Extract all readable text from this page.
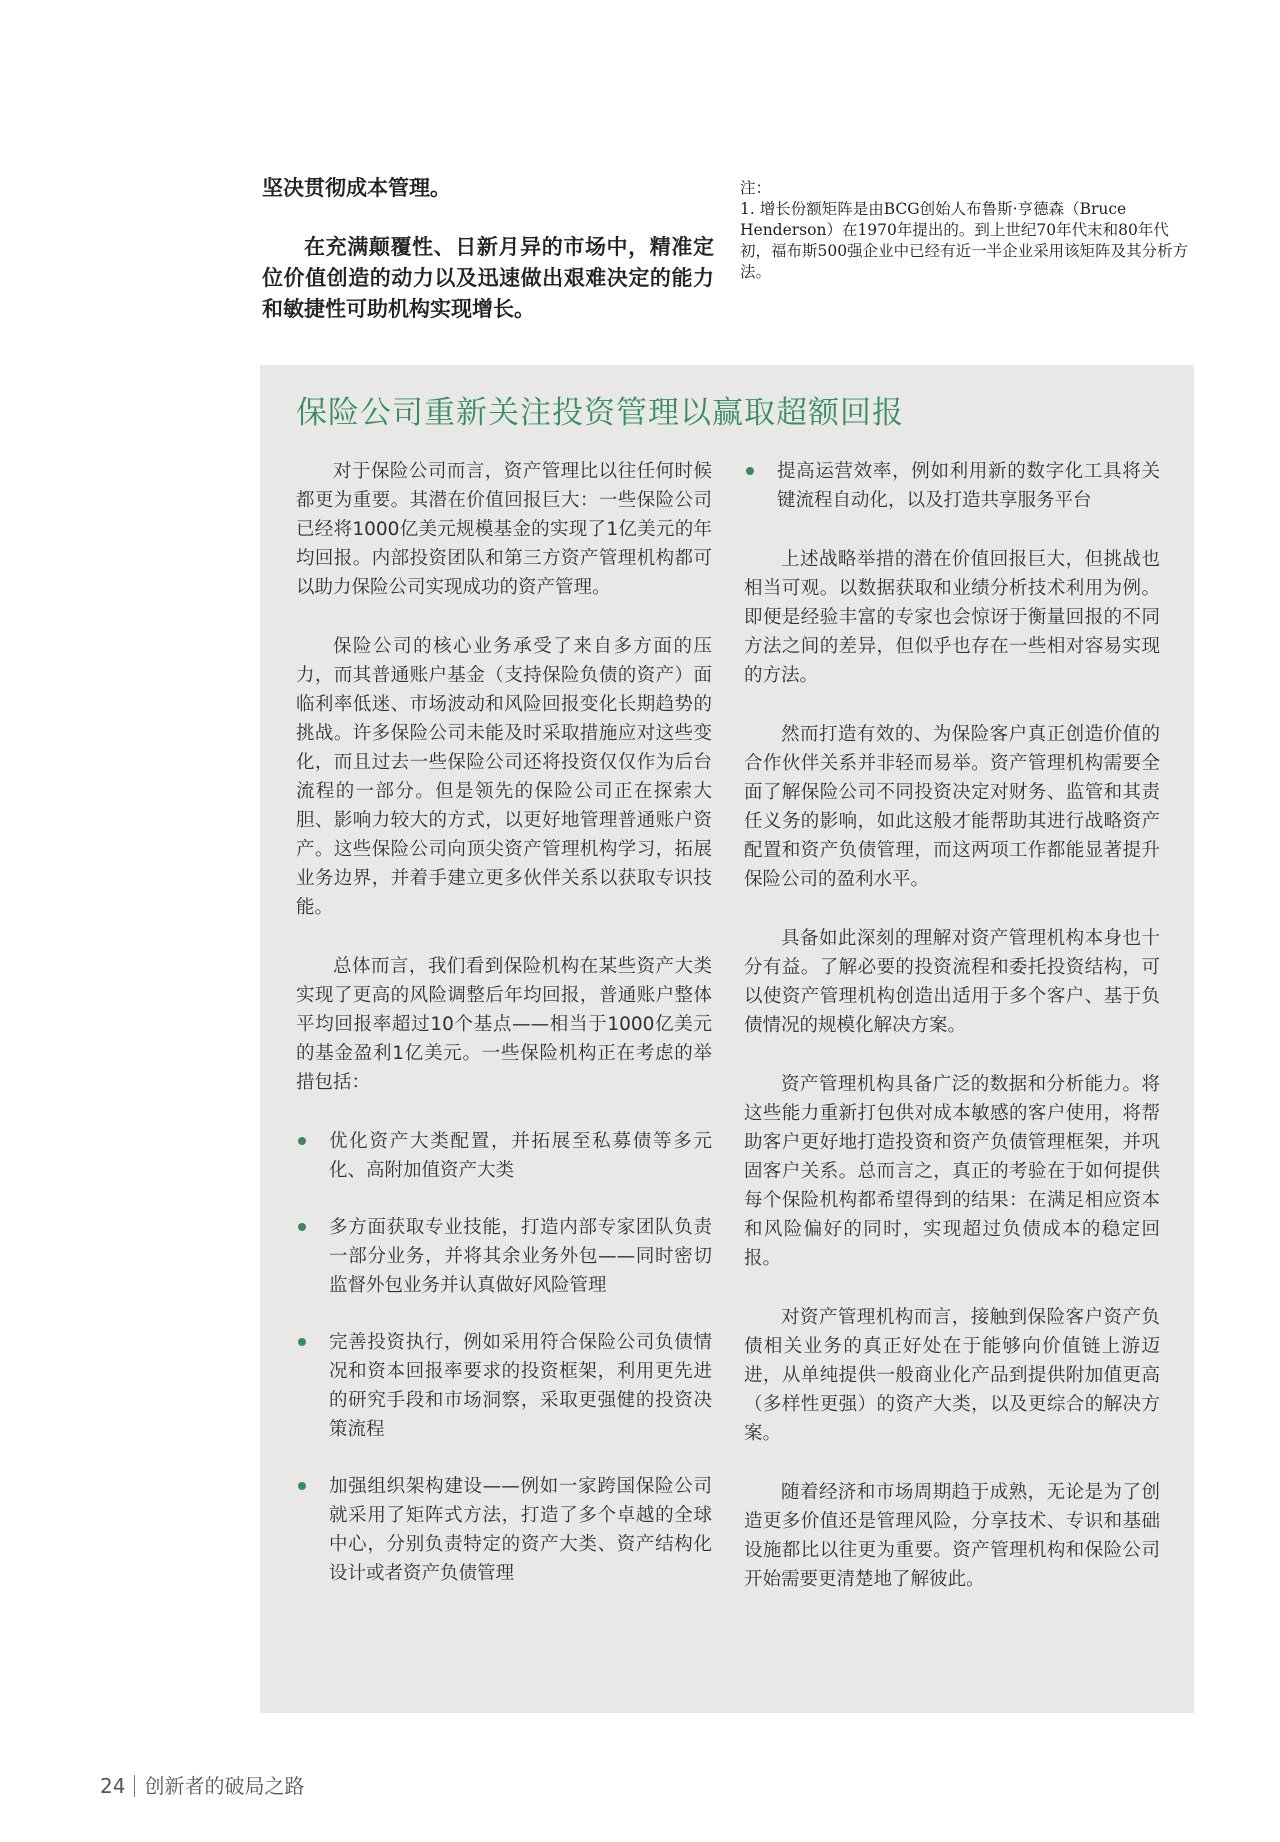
坚决贯彻成本管理。

在充满颠覆性、日新月异的市场中，精准定位价值创造的动力以及迅速做出艰难决定的能力和敏捷性可助机构实现增长。

注：

1. 增长份额矩阵是由BCG创始人布鲁斯·亨德森（Bruce Henderson）在1970年提出的。到上世纪70年代末和80年代初，福布斯500强企业中已经有近一半企业采用该矩阵及其分析方法。

保险公司重新关注投资管理以赢取超额回报

对于保险公司而言，资产管理比以往任何时候都更为重要。其潜在价值回报巨大：一些保险公司已经将1000亿美元规模基金的实现了1亿美元的年均回报。内部投资团队和第三方资产管理机构都可以助力保险公司实现成功的资产管理。

保险公司的核心业务承受了来自多方面的压力，而其普通账户基金（支持保险负债的资产）面临利率低迷、市场波动和风险回报变化长期趋势的挑战。许多保险公司未能及时采取措施应对这些变化，而且过去一些保险公司还将投资仅仅作为后台流程的一部分。但是领先的保险公司正在探索大胆、影响力较大的方式，以更好地管理普通账户资产。这些保险公司向顶尖资产管理机构学习，拓展业务边界，并着手建立更多伙伴关系以获取专识技能。

总体而言，我们看到保险机构在某些资产大类实现了更高的风险调整后年均回报，普通账户整体平均回报率超过10个基点——相当于1000亿美元的基金盈利1亿美元。一些保险机构正在考虑的举措包括：

优化资产大类配置，并拓展至私募债等多元化、高附加值资产大类
多方面获取专业技能，打造内部专家团队负责一部分业务，并将其余业务外包——同时密切监督外包业务并认真做好风险管理
完善投资执行，例如采用符合保险公司负债情况和资本回报率要求的投资框架，利用更先进的研究手段和市场洞察，采取更强健的投资决策流程
加强组织架构建设——例如一家跨国保险公司就采用了矩阵式方法，打造了多个卓越的全球中心，分别负责特定的资产大类、资产结构化设计或者资产负债管理
提高运营效率，例如利用新的数字化工具将关键流程自动化，以及打造共享服务平台

上述战略举措的潜在价值回报巨大，但挑战也相当可观。以数据获取和业绩分析技术利用为例。即便是经验丰富的专家也会惊讶于衡量回报的不同方法之间的差异，但似乎也存在一些相对容易实现的方法。

然而打造有效的、为保险客户真正创造价值的合作伙伴关系并非轻而易举。资产管理机构需要全面了解保险公司不同投资决定对财务、监管和其责任义务的影响，如此这般才能帮助其进行战略资产配置和资产负债管理，而这两项工作都能显著提升保险公司的盈利水平。

具备如此深刻的理解对资产管理机构本身也十分有益。了解必要的投资流程和委托投资结构，可以使资产管理机构创造出适用于多个客户、基于负债情况的规模化解决方案。

资产管理机构具备广泛的数据和分析能力。将这些能力重新打包供对成本敏感的客户使用，将帮助客户更好地打造投资和资产负债管理框架，并巩固客户关系。总而言之，真正的考验在于如何提供每个保险机构都希望得到的结果：在满足相应资本和风险偏好的同时，实现超过负债成本的稳定回报。

对资产管理机构而言，接触到保险客户资产负债相关业务的真正好处在于能够向价值链上游迈进，从单纯提供一般商业化产品到提供附加值更高（多样性更强）的资产大类，以及更综合的解决方案。

随着经济和市场周期趋于成熟，无论是为了创造更多价值还是管理风险，分享技术、专识和基础设施都比以往更为重要。资产管理机构和保险公司开始需要更清楚地了解彼此。

24 创新者的破局之路
